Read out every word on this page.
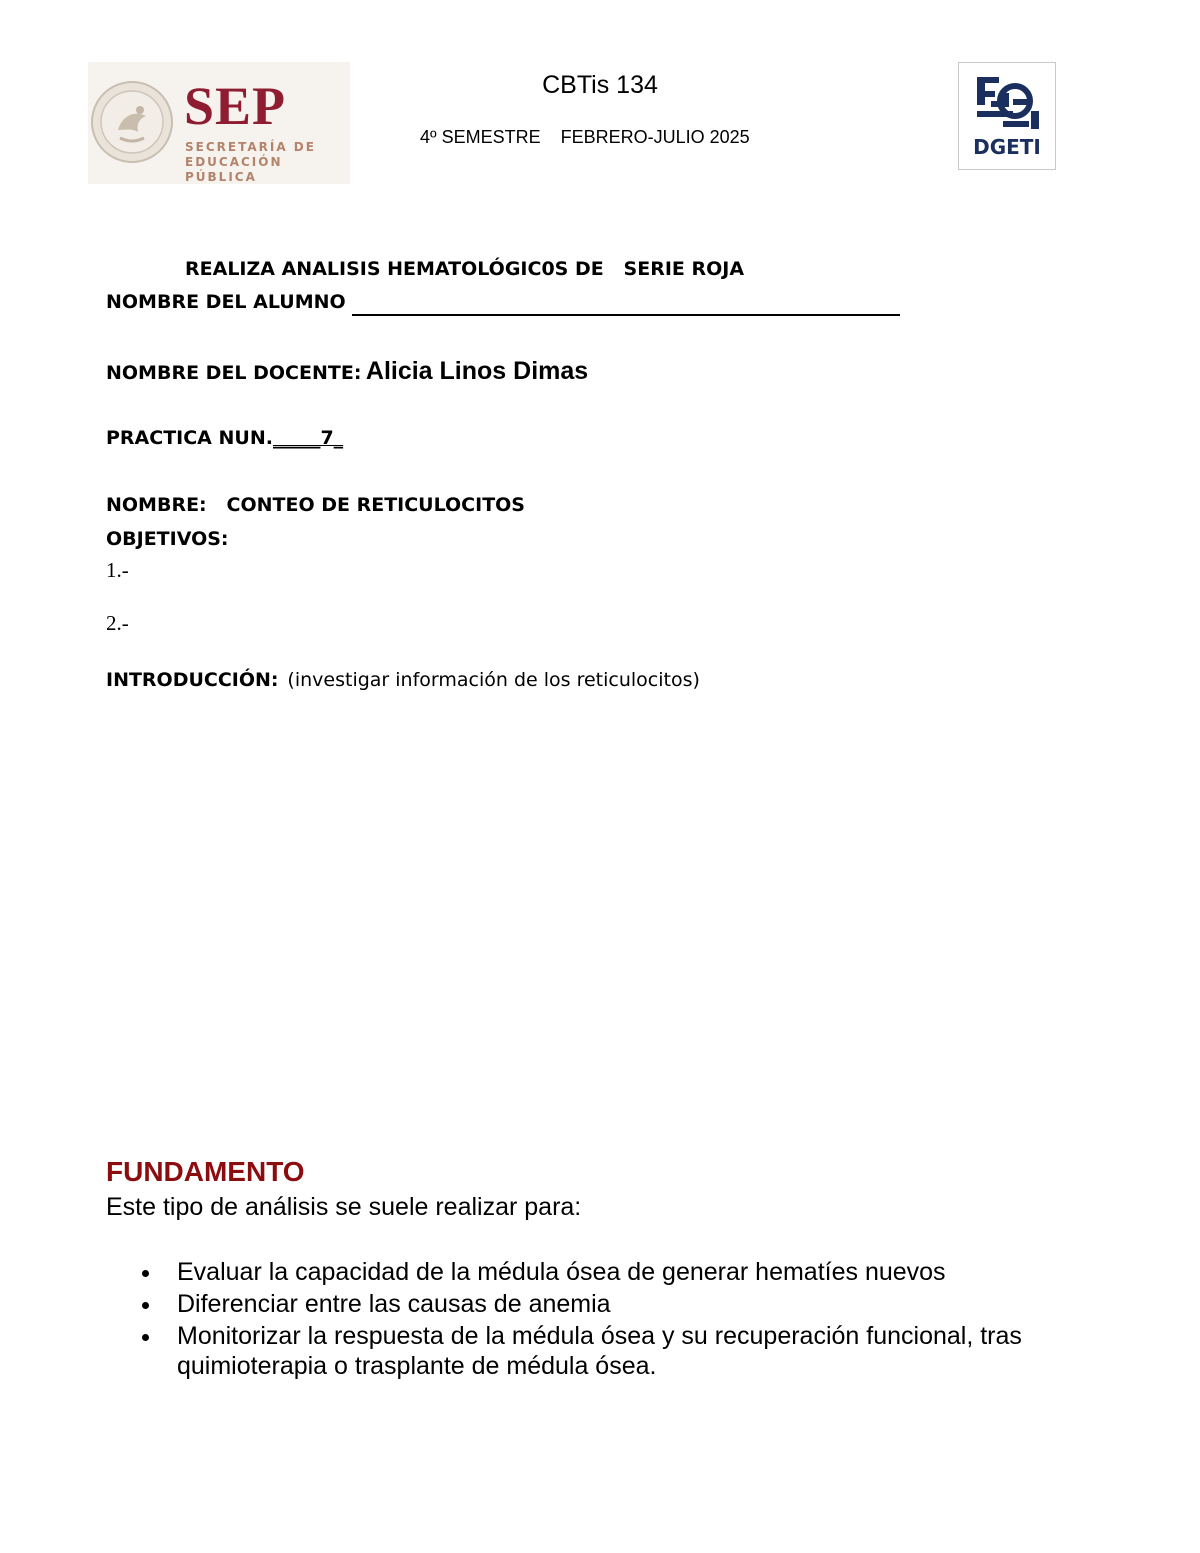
SEP
SECRETARÍA DE
EDUCACIÓN PÚBLICA
CBTis 134
4º SEMESTRE FEBRERO-JULIO 2025	DGETI
REALIZA ANALISIS HEMATOLÓGIC0S DE   SERIE ROJA
NOMBRE DEL ALUMNO
NOMBRE DEL DOCENTE: Alicia Linos Dimas
PRACTICA NUN._____7_
NOMBRE: CONTEO DE RETICULOCITOS
OBJETIVOS:
1.-
2.-
INTRODUCCIÓN: (investigar información de los reticulocitos)
FUNDAMENTO
Este tipo de análisis se suele realizar para:
Evaluar la capacidad de la médula ósea de generar hematíes nuevos
Diferenciar entre las causas de anemia
Monitorizar la respuesta de la médula ósea y su recuperación funcional, tras quimioterapia o trasplante de médula ósea.
